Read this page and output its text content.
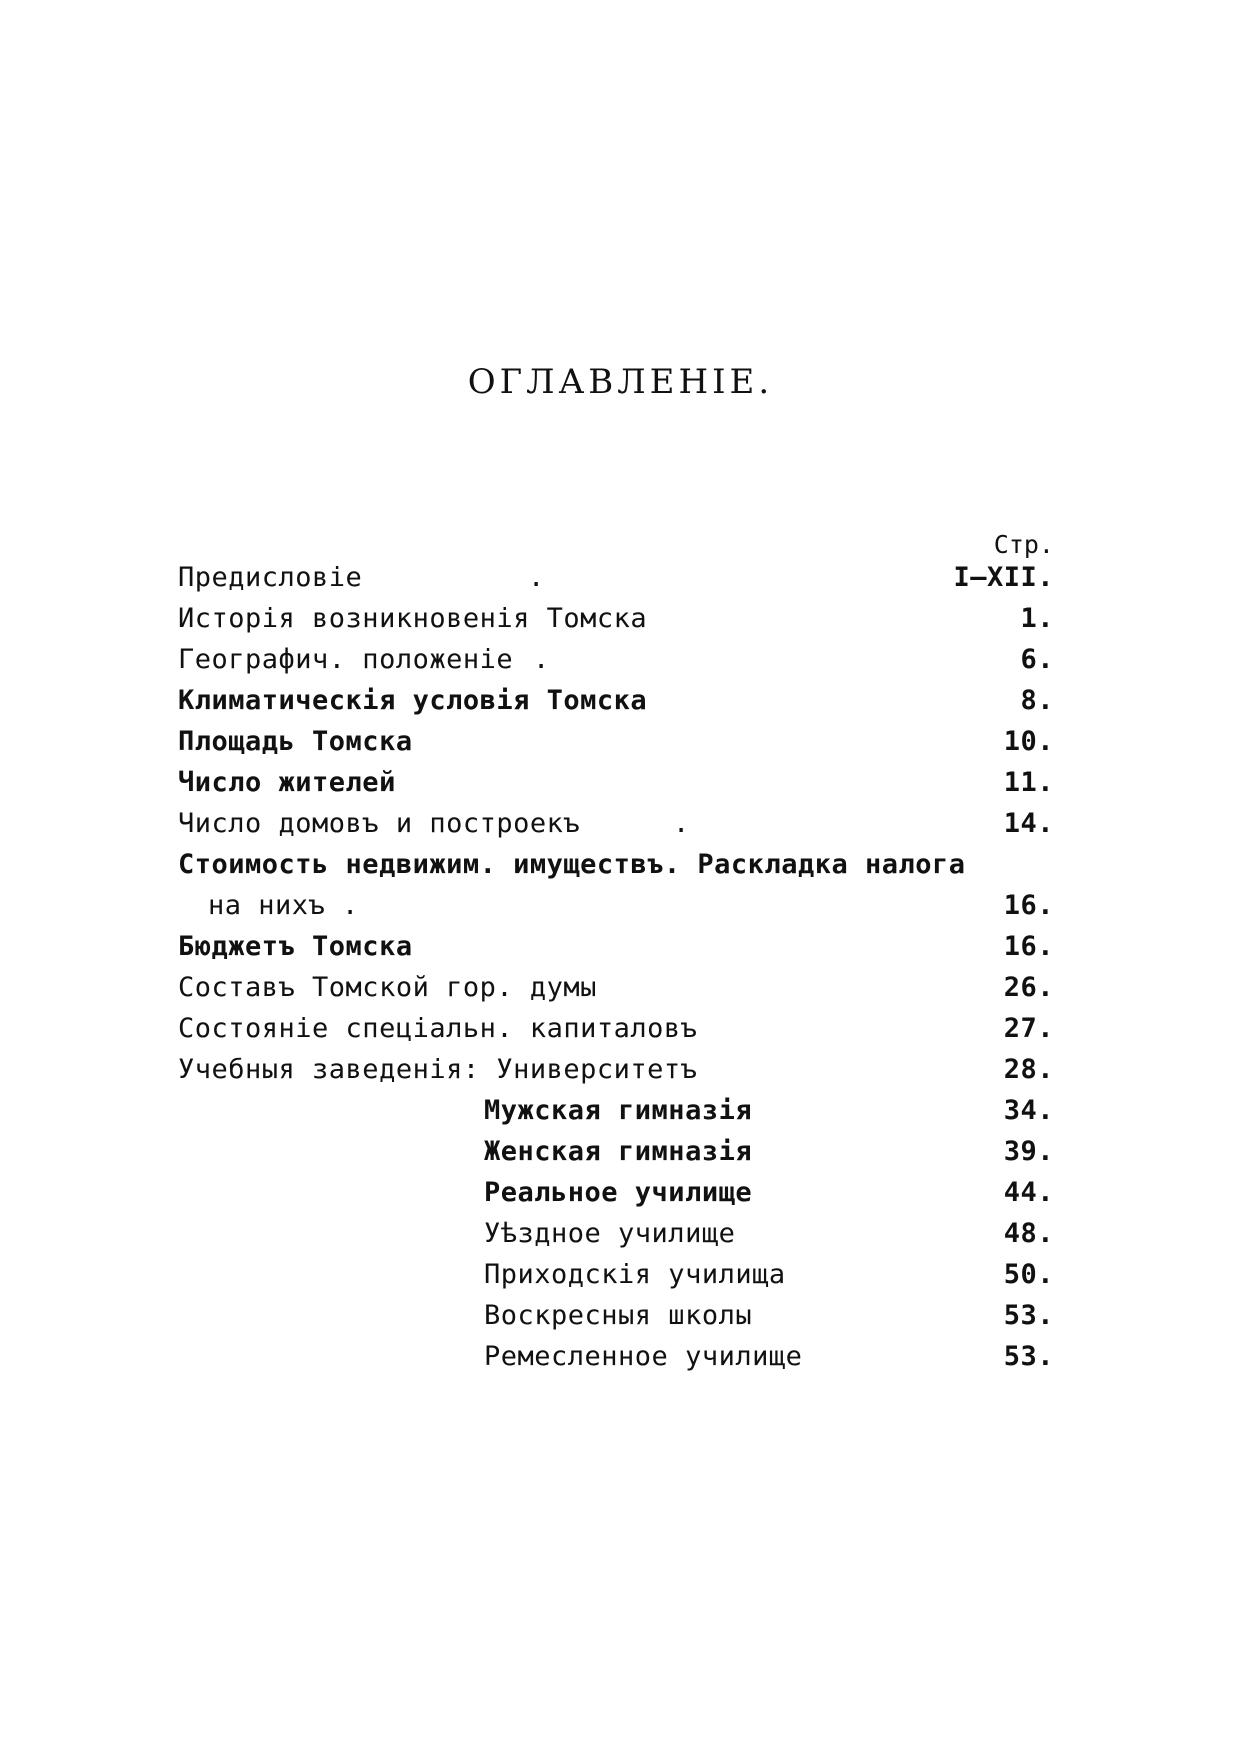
ОГЛАВЛЕНІЕ.
Стр.
Предисловіе	.	I—XII.
Исторія возникновенія Томска	1.
Географич. положеніе .	6.
Климатическія условія Томска	8.
Площадь Томска	10.
Число жителей	11.
Число домовъ и построекъ	.	14.
Стоимость недвижим. имуществъ. Раскладка налога
на нихъ .	16.
Бюджетъ Томска	16.
Составъ Томской гор. думы	26.
Состояніе спеціальн. капиталовъ	27.
Учебныя заведенія: Университетъ	28.
Мужская гимназія	34.
Женская гимназія	39.
Реальное училище	44.
Уѣздное училище	48.
Приходскія училища	50.
Воскресныя школы	53.
Ремесленное училище	53.
